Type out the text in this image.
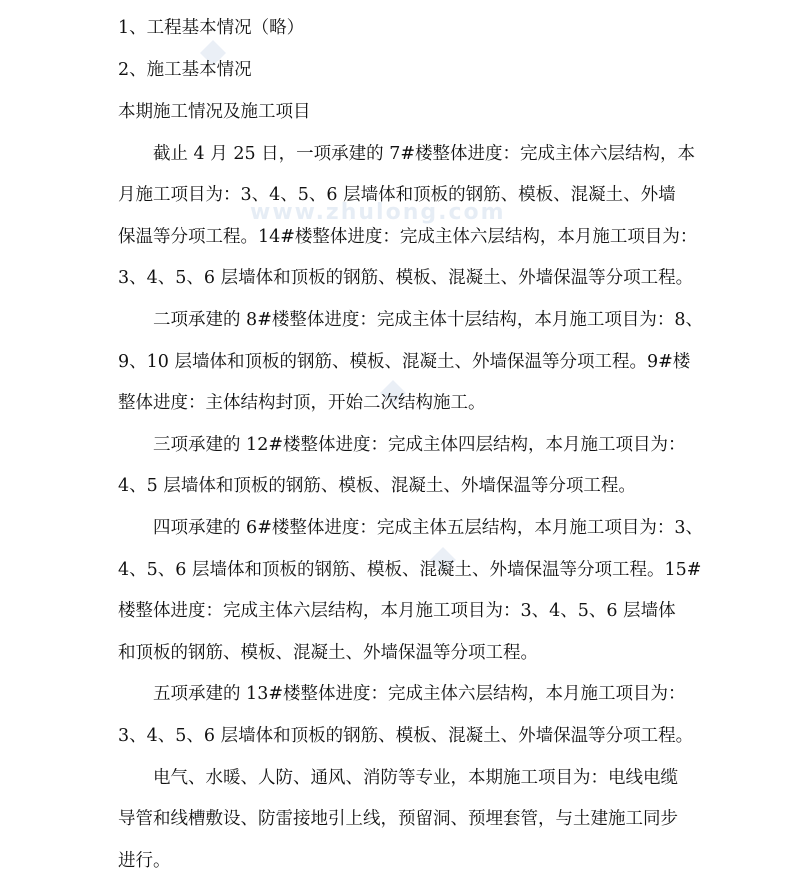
www.zhulong.com
1、工程基本情况（略）
2、施工基本情况
本期施工情况及施工项目
　　截止 4 月 25 日，一项承建的 7#楼整体进度：完成主体六层结构，本
月施工项目为：3、4、5、6 层墙体和顶板的钢筋、模板、混凝土、外墙
保温等分项工程。14#楼整体进度：完成主体六层结构，本月施工项目为：
3、4、5、6 层墙体和顶板的钢筋、模板、混凝土、外墙保温等分项工程。
　　二项承建的 8#楼整体进度：完成主体十层结构，本月施工项目为：8、
9、10 层墙体和顶板的钢筋、模板、混凝土、外墙保温等分项工程。9#楼
整体进度：主体结构封顶，开始二次结构施工。
　　三项承建的 12#楼整体进度：完成主体四层结构，本月施工项目为：
4、5 层墙体和顶板的钢筋、模板、混凝土、外墙保温等分项工程。
　　四项承建的 6#楼整体进度：完成主体五层结构，本月施工项目为：3、
4、5、6 层墙体和顶板的钢筋、模板、混凝土、外墙保温等分项工程。15#
楼整体进度：完成主体六层结构，本月施工项目为：3、4、5、6 层墙体
和顶板的钢筋、模板、混凝土、外墙保温等分项工程。
　　五项承建的 13#楼整体进度：完成主体六层结构，本月施工项目为：
3、4、5、6 层墙体和顶板的钢筋、模板、混凝土、外墙保温等分项工程。
　　电气、水暖、人防、通风、消防等专业，本期施工项目为：电线电缆
导管和线槽敷设、防雷接地引上线，预留洞、预埋套管，与土建施工同步
进行。
